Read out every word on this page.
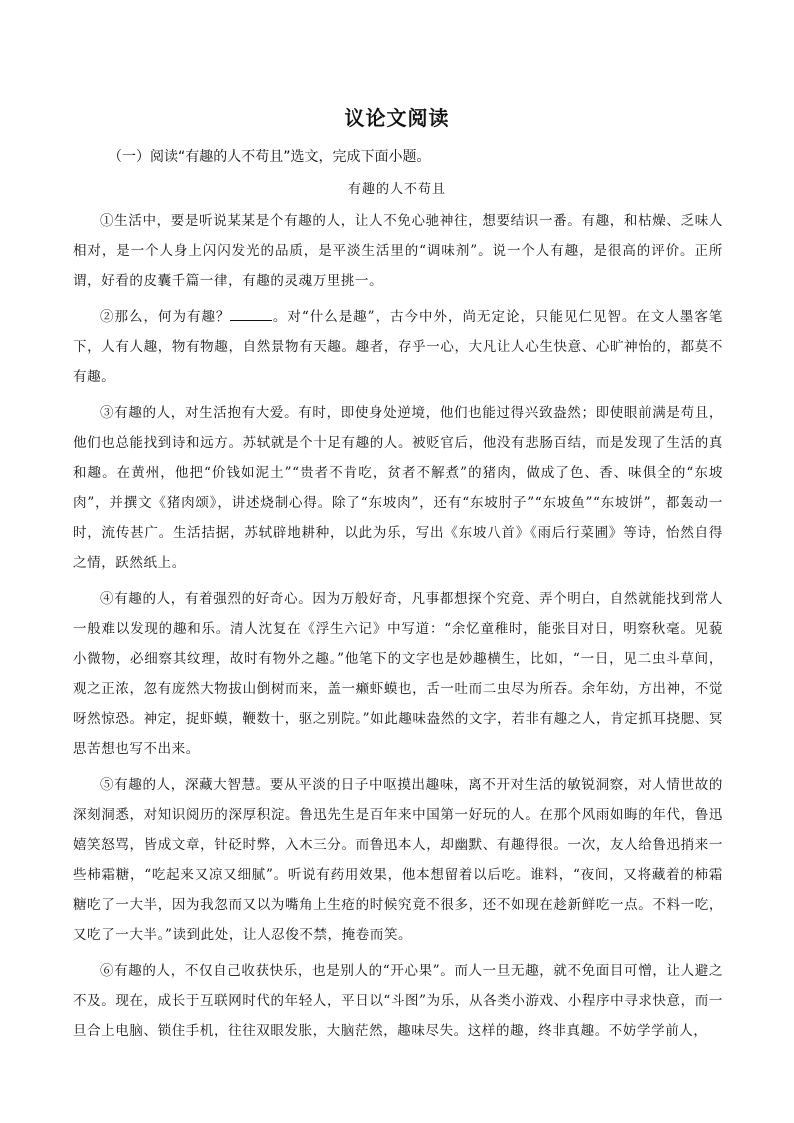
议论文阅读
（一）阅读“有趣的人不苟且”选文，完成下面小题。
有趣的人不苟且

①生活中，要是听说某某是个有趣的人，让人不免心驰神往，想要结识一番。有趣，和枯燥、乏味人相对，是一个人身上闪闪发光的品质，是平淡生活里的“调味剂”。说一个人有趣，是很高的评价。正所谓，好看的皮囊千篇一律，有趣的灵魂万里挑一。

②那么，何为有趣？	。对“什么是趣”，古今中外，尚无定论，只能见仁见智。在文人墨客笔下，人有人趣，物有物趣，自然景物有天趣。趣者，存乎一心，大凡让人心生快意、心旷神怡的，都莫不有趣。

③有趣的人，对生活抱有大爱。有时，即使身处逆境，他们也能过得兴致盎然；即使眼前满是苟且，他们也总能找到诗和远方。苏轼就是个十足有趣的人。被贬官后，他没有悲肠百结，而是发现了生活的真和趣。在黄州，他把“价钱如泥土”“贵者不肯吃，贫者不解煮”的猪肉，做成了色、香、味俱全的“东坡肉”，并撰文《猪肉颂》，讲述烧制心得。除了“东坡肉”，还有“东坡肘子”“东坡鱼”“东坡饼”，都轰动一时，流传甚广。生活拮据，苏轼辟地耕种，以此为乐，写出《东坡八首》《雨后行菜圃》等诗，怡然自得之情，跃然纸上。

④有趣的人，有着强烈的好奇心。因为万般好奇，凡事都想探个究竟、弄个明白，自然就能找到常人一般难以发现的趣和乐。清人沈复在《浮生六记》中写道：“余忆童稚时，能张目对日，明察秋毫。见藐小微物，必细察其纹理，故时有物外之趣。”他笔下的文字也是妙趣横生，比如，“一日，见二虫斗草间，观之正浓，忽有庞然大物拔山倒树而来，盖一癞虾蟆也，舌一吐而二虫尽为所吞。余年幼，方出神，不觉呀然惊恐。神定，捉虾蟆，鞭数十，驱之别院。”如此趣味盎然的文字，若非有趣之人，肯定抓耳挠腮、冥思苦想也写不出来。

⑤有趣的人，深藏大智慧。要从平淡的日子中呕摸出趣味，离不开对生活的敏锐洞察，对人情世故的深刻洞悉，对知识阅历的深厚积淀。鲁迅先生是百年来中国第一好玩的人。在那个风雨如晦的年代，鲁迅嬉笑怒骂，皆成文章，针砭时弊，入木三分。而鲁迅本人，却幽默、有趣得很。一次，友人给鲁迅捎来一些柿霜糖，“吃起来又凉又细腻”。听说有药用效果，他本想留着以后吃。谁料，“夜间，又将藏着的柿霜糖吃了一大半，因为我忽而又以为嘴角上生疮的时候究竟不很多，还不如现在趁新鲜吃一点。不料一吃，又吃了一大半。”读到此处，让人忍俊不禁，掩卷而笑。

⑥有趣的人，不仅自己收获快乐，也是别人的“开心果”。而人一旦无趣，就不免面目可憎，让人避之不及。现在，成长于互联网时代的年轻人，平日以“斗图”为乐，从各类小游戏、小程序中寻求快意，而一旦合上电脑、锁住手机，往往双眼发胀，大脑茫然，趣味尽失。这样的趣，终非真趣。不妨学学前人，
